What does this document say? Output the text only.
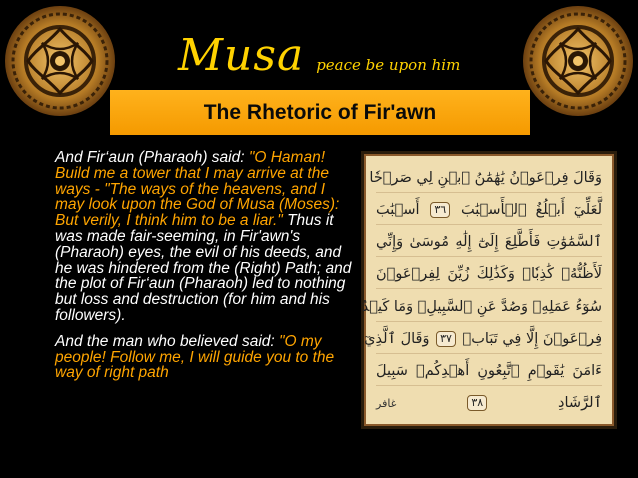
Musa peace be upon him
The Rhetoric of Fir'awn

And Fir‘aun (Pharaoh) said: "O Haman! Build me a tower that I may arrive at the ways - "The ways of the heavens, and I may look upon the God of Musa (Moses): But verily, I think him to be a liar." Thus it was made fair-seeming, in Fir'awn's (Pharaoh) eyes, the evil of his deeds, and he was hindered from the (Right) Path; and the plot of Fir‘aun (Pharaoh) led to nothing but loss and destruction (for him and his followers).

And the man who believed said: "O my people! Follow me, I will guide you to the way of right path

وَقَالَ فِرۡعَوۡنُ يَٰهَٰمَٰنُ ٱبۡنِ لِي صَرۡحٗا
لَّعَلِّيٓ أَبۡلُغُ ٱلۡأَسۡبَٰبَ ٣٦ أَسۡبَٰبَ
ٱلسَّمَٰوَٰتِ فَأَطَّلِعَ إِلَىٰٓ إِلَٰهِ مُوسَىٰ وَإِنِّي
لَأَظُنُّهُۥ كَٰذِبٗاۚ وَكَذَٰلِكَ زُيِّنَ لِفِرۡعَوۡنَ
سُوٓءُ عَمَلِهِۦ وَصُدَّ عَنِ ٱلسَّبِيلِۚ وَمَا كَيۡدُ
فِرۡعَوۡنَ إِلَّا فِي تَبَابٖ ٣٧ وَقَالَ ٱلَّذِيٓ
ءَامَنَ يَٰقَوۡمِ ٱتَّبِعُونِ أَهۡدِكُمۡ سَبِيلَ
ٱلرَّشَادِ ٣٨ غافر
